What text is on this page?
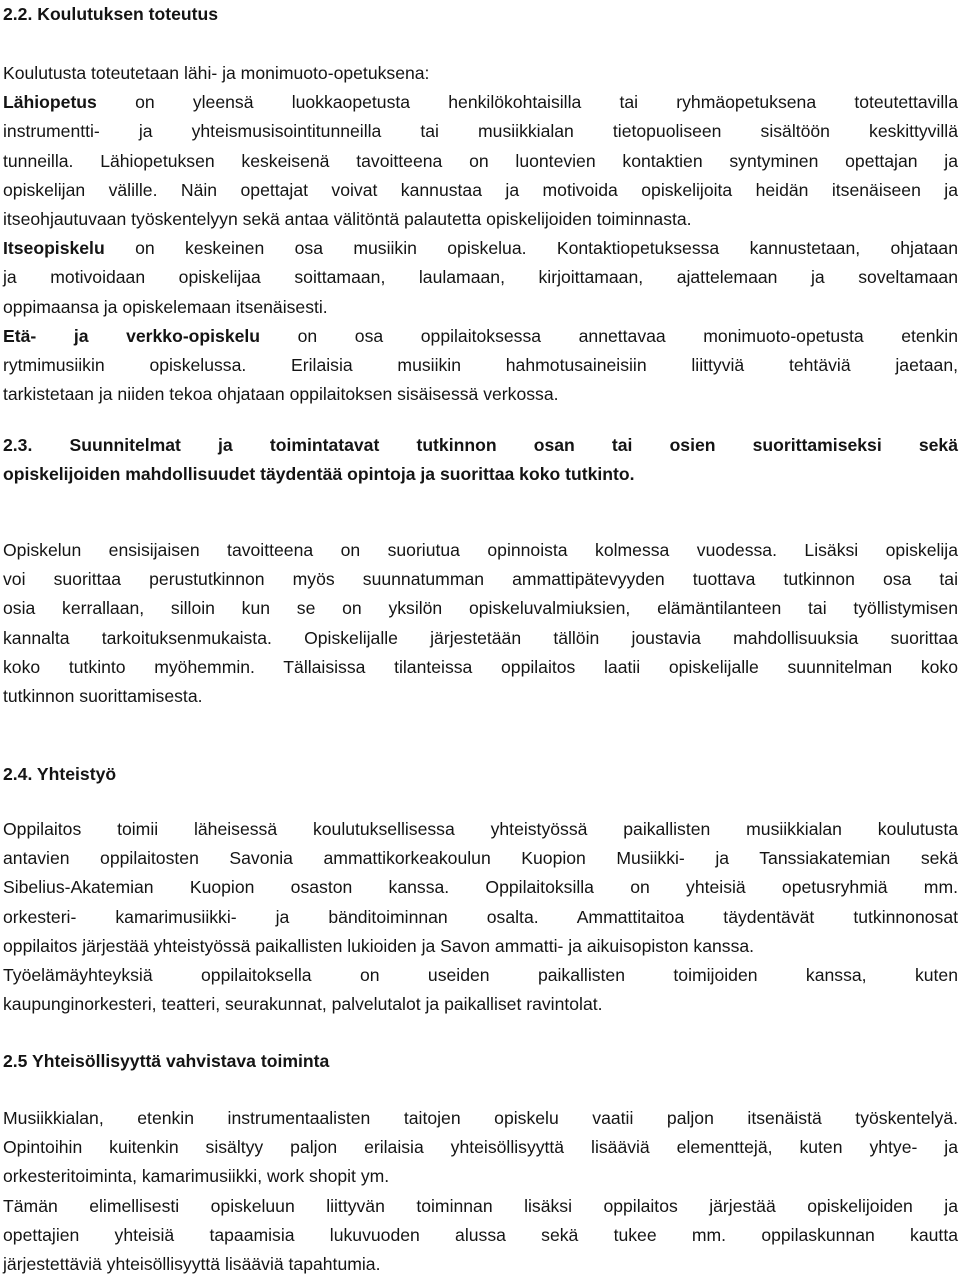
2.2. Koulutuksen toteutus

Koulutusta toteutetaan lähi- ja monimuoto-opetuksena:
Lähiopetus on yleensä luokkaopetusta henkilökohtaisilla tai ryhmäopetuksena toteutettavilla
instrumentti- ja yhteismusisointitunneilla tai musiikkialan tietopuoliseen sisältöön keskittyvillä
tunneilla. Lähiopetuksen keskeisenä tavoitteena on luontevien kontaktien syntyminen opettajan ja
opiskelijan välille. Näin opettajat voivat kannustaa ja motivoida opiskelijoita heidän itsenäiseen ja
itseohjautuvaan työskentelyyn sekä antaa välitöntä palautetta opiskelijoiden toiminnasta.
Itseopiskelu on keskeinen osa musiikin opiskelua. Kontaktiopetuksessa kannustetaan, ohjataan
ja motivoidaan opiskelijaa soittamaan, laulamaan, kirjoittamaan, ajattelemaan ja soveltamaan
oppimaansa ja opiskelemaan itsenäisesti.
Etä- ja verkko-opiskelu on osa oppilaitoksessa annettavaa monimuoto-opetusta etenkin
rytmimusiikin opiskelussa. Erilaisia musiikin hahmotusaineisiin liittyviä tehtäviä jaetaan,
tarkistetaan ja niiden tekoa ohjataan oppilaitoksen sisäisessä verkossa.
2.3. Suunnitelmat ja toimintatavat tutkinnon osan tai osien suorittamiseksi sekä
opiskelijoiden mahdollisuudet täydentää opintoja ja suorittaa koko tutkinto.
Opiskelun ensisijaisen tavoitteena on suoriutua opinnoista kolmessa vuodessa. Lisäksi opiskelija
voi suorittaa perustutkinnon myös suunnatumman ammattipätevyyden tuottava tutkinnon osa tai
osia kerrallaan, silloin kun se on yksilön opiskeluvalmiuksien, elämäntilanteen tai työllistymisen
kannalta tarkoituksenmukaista. Opiskelijalle järjestetään tällöin joustavia mahdollisuuksia suorittaa
koko tutkinto myöhemmin. Tällaisissa tilanteissa oppilaitos laatii opiskelijalle suunnitelman koko
tutkinnon suorittamisesta.

2.4. Yhteistyö

Oppilaitos toimii läheisessä koulutuksellisessa yhteistyössä paikallisten musiikkialan koulutusta
antavien oppilaitosten Savonia ammattikorkeakoulun Kuopion Musiikki- ja Tanssiakatemian sekä
Sibelius-Akatemian Kuopion osaston kanssa. Oppilaitoksilla on yhteisiä opetusryhmiä mm.
orkesteri- kamarimusiikki- ja bänditoiminnan osalta. Ammattitaitoa täydentävät tutkinnonosat
oppilaitos järjestää yhteistyössä paikallisten lukioiden ja Savon ammatti- ja aikuisopiston kanssa.
Työelämäyhteyksiä oppilaitoksella on useiden paikallisten toimijoiden kanssa, kuten
kaupunginorkesteri, teatteri, seurakunnat, palvelutalot ja paikalliset ravintolat.

2.5 Yhteisöllisyyttä vahvistava toiminta

Musiikkialan, etenkin instrumentaalisten taitojen opiskelu vaatii paljon itsenäistä työskentelyä.
Opintoihin kuitenkin sisältyy paljon erilaisia yhteisöllisyyttä lisääviä elementtejä, kuten yhtye- ja
orkesteritoiminta, kamarimusiikki, work shopit ym.
Tämän elimellisesti opiskeluun liittyvän toiminnan lisäksi oppilaitos järjestää opiskelijoiden ja
opettajien yhteisiä tapaamisia lukuvuoden alussa sekä tukee mm. oppilaskunnan kautta
järjestettäviä yhteisöllisyyttä lisääviä tapahtumia.
